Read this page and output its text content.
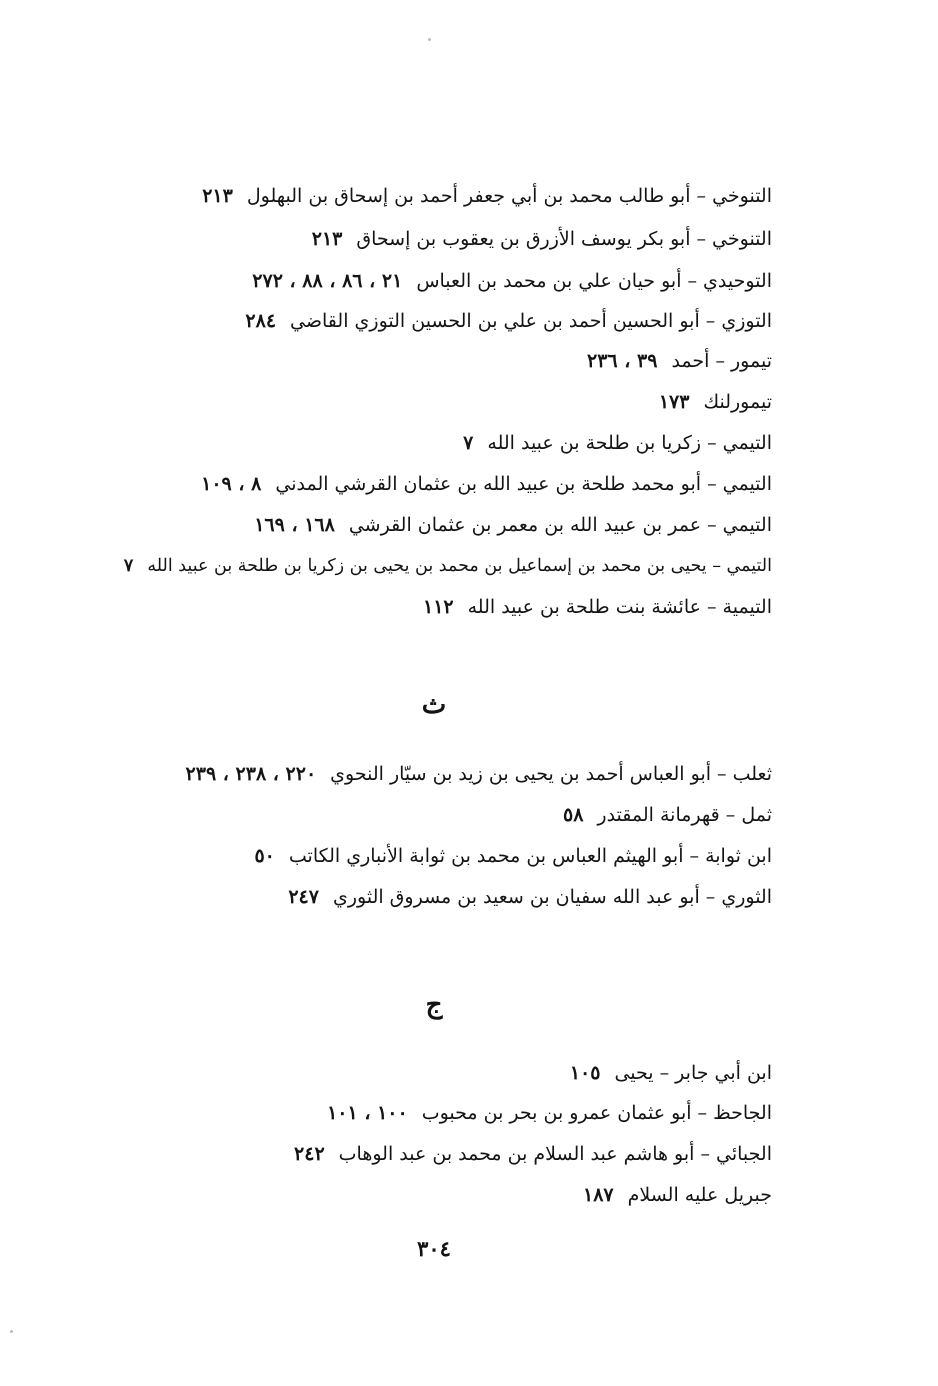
التنوخي – أبو طالب محمد بن أبي جعفر أحمد بن إسحاق بن البهلول٢١٣
التنوخي – أبو بكر يوسف الأزرق بن يعقوب بن إسحاق٢١٣
التوحيدي – أبو حيان علي بن محمد بن العباس٢١ ، ٨٦ ، ٨٨ ، ٢٧٢
التوزي – أبو الحسين أحمد بن علي بن الحسين التوزي القاضي٢٨٤
تيمور – أحمد٣٩ ، ٢٣٦
تيمورلنك١٧٣
التيمي – زكريا بن طلحة بن عبيد الله٧
التيمي – أبو محمد طلحة بن عبيد الله بن عثمان القرشي المدني٨ ، ١٠٩
التيمي – عمر بن عبيد الله بن معمر بن عثمان القرشي١٦٨ ، ١٦٩
التيمي – يحيى بن محمد بن إسماعيل بن محمد بن يحيى بن زكريا بن طلحة بن عبيد الله٧
التيمية – عائشة بنت طلحة بن عبيد الله١١٢
ث
ثعلب – أبو العباس أحمد بن يحيى بن زيد بن سيّار النحوي٢٢٠ ، ٢٣٨ ، ٢٣٩
ثمل – قهرمانة المقتدر٥٨
ابن ثوابة – أبو الهيثم العباس بن محمد بن ثوابة الأنباري الكاتب٥٠
الثوري – أبو عبد الله سفيان بن سعيد بن مسروق الثوري٢٤٧
ج
ابن أبي جابر – يحيى١٠٥
الجاحظ – أبو عثمان عمرو بن بحر بن محبوب١٠٠ ، ١٠١
الجبائي – أبو هاشم عبد السلام بن محمد بن عبد الوهاب٢٤٢
جبريل عليه السلام١٨٧
٣٠٤
